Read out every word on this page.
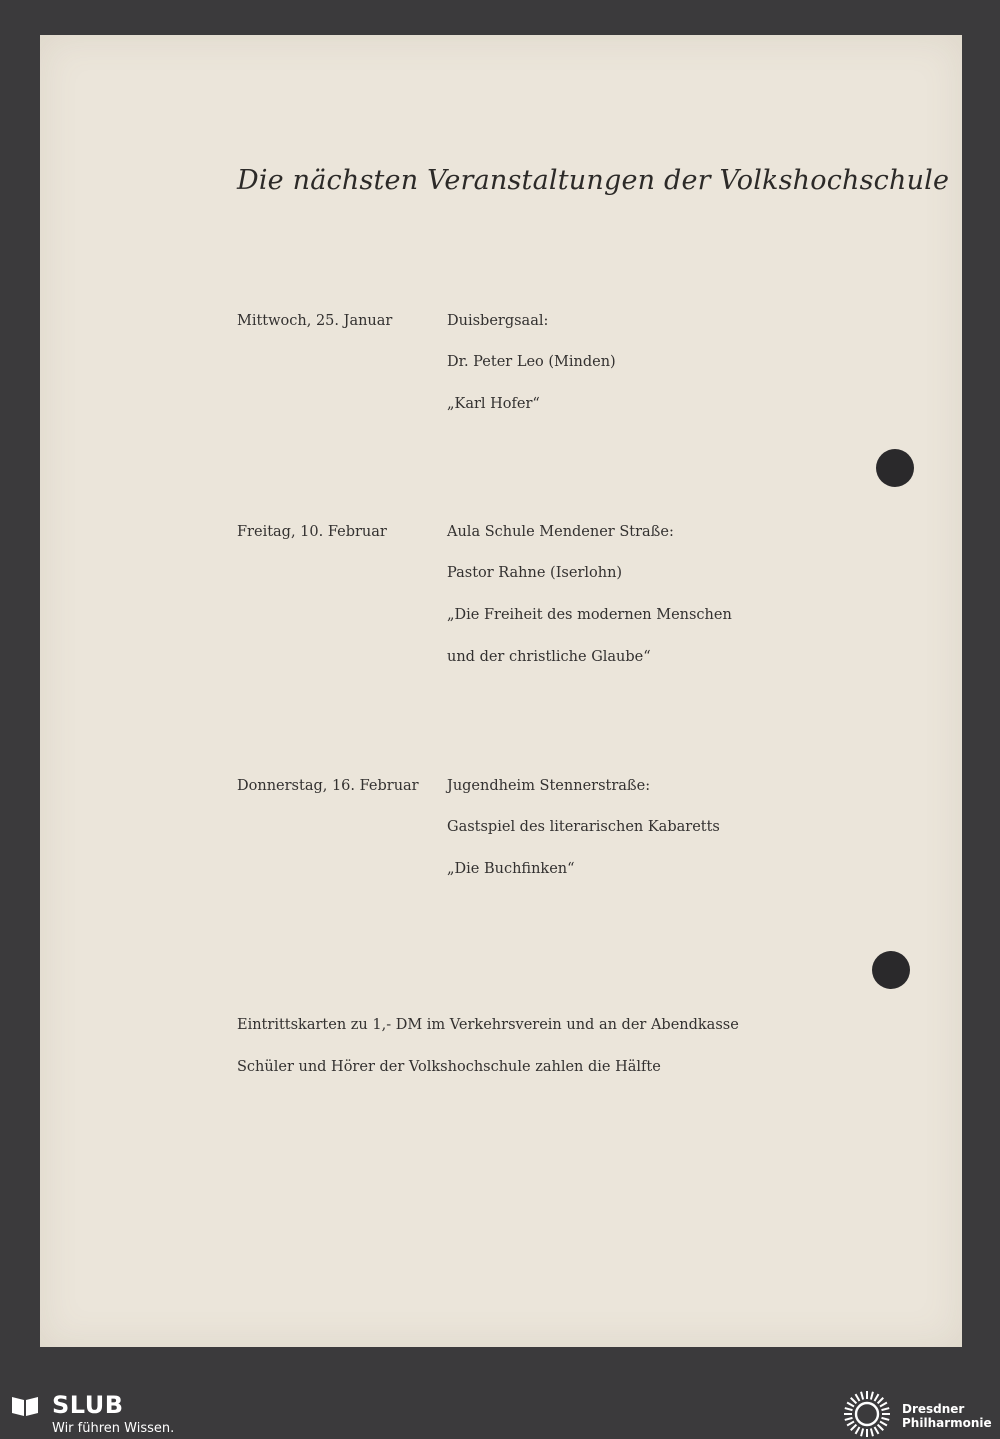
Die nächsten Veranstaltungen der Volkshochschule
Mittwoch, 25. Januar	Duisbergsaal:
Dr. Peter Leo (Minden)
„Karl Hofer“
Freitag, 10. Februar	Aula Schule Mendener Straße:
Pastor Rahne (Iserlohn)
„Die Freiheit des modernen Menschen
und der christliche Glaube“
Donnerstag, 16. Februar Jugendheim Stennerstraße:
Gastspiel des literarischen Kabaretts
„Die Buchfinken“
Eintrittskarten zu 1,- DM im Verkehrsverein und an der Abendkasse
Schüler und Hörer der Volkshochschule zahlen die Hälfte
SLUB
Wir führen Wissen.
Dresdner
Philharmonie
